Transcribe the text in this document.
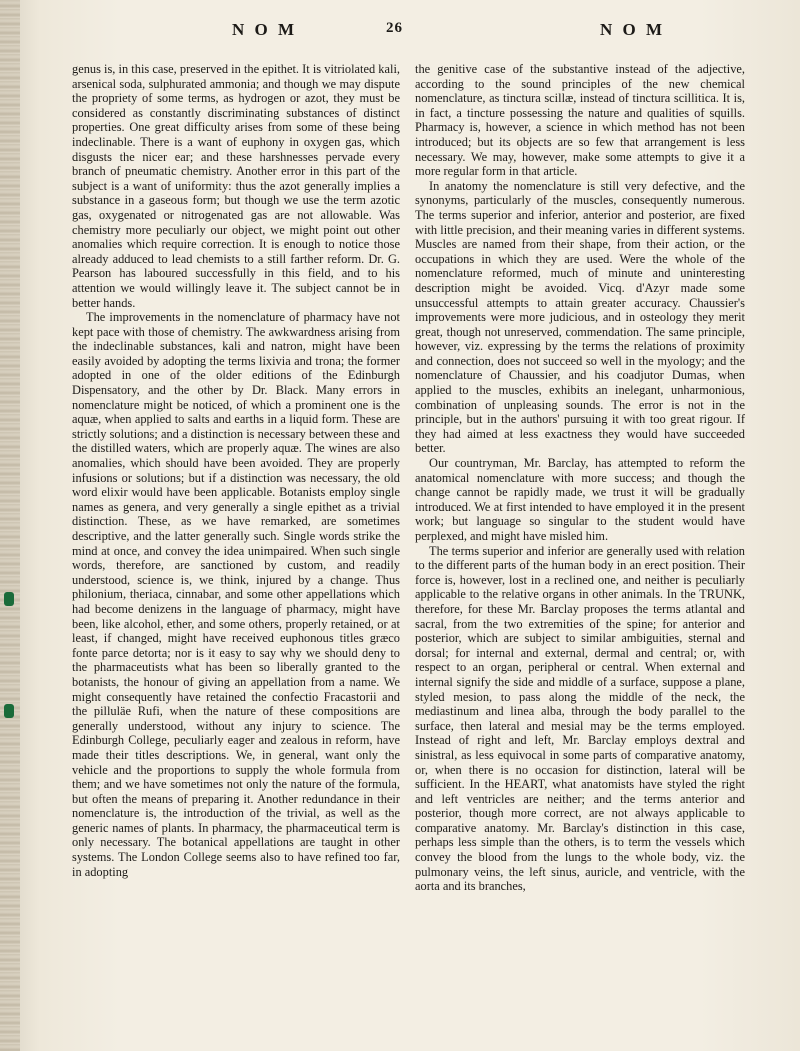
N O M	26	N O M

genus is, in this case, preserved in the epithet. It is vitriolated kali, arsenical soda, sulphurated ammonia; and though we may dispute the propriety of some terms, as hydrogen or azot, they must be considered as constantly discriminating substances of distinct properties. One great difficulty arises from some of these being indeclinable. There is a want of euphony in oxygen gas, which disgusts the nicer ear; and these harshnesses pervade every branch of pneumatic chemistry. Another error in this part of the subject is a want of uniformity: thus the azot generally implies a substance in a gaseous form; but though we use the term azotic gas, oxygenated or nitrogenated gas are not allowable. Was chemistry more peculiarly our object, we might point out other anomalies which require correction. It is enough to notice those already adduced to lead chemists to a still farther reform. Dr. G. Pearson has laboured successfully in this field, and to his attention we would willingly leave it. The subject cannot be in better hands.

The improvements in the nomenclature of pharmacy have not kept pace with those of chemistry. The awkwardness arising from the indeclinable substances, kali and natron, might have been easily avoided by adopting the terms lixivia and trona; the former adopted in one of the older editions of the Edinburgh Dispensatory, and the other by Dr. Black. Many errors in nomenclature might be noticed, of which a prominent one is the aquæ, when applied to salts and earths in a liquid form. These are strictly solutions; and a distinction is necessary between these and the distilled waters, which are properly aquæ. The wines are also anomalies, which should have been avoided. They are properly infusions or solutions; but if a distinction was necessary, the old word elixir would have been applicable. Botanists employ single names as genera, and very generally a single epithet as a trivial distinction. These, as we have remarked, are sometimes descriptive, and the latter generally such. Single words strike the mind at once, and convey the idea unimpaired. When such single words, therefore, are sanctioned by custom, and readily understood, science is, we think, injured by a change. Thus philonium, theriaca, cinnabar, and some other appellations which had become denizens in the language of pharmacy, might have been, like alcohol, ether, and some others, properly retained, or at least, if changed, might have received euphonous titles græco fonte parce detorta; nor is it easy to say why we should deny to the pharmaceutists what has been so liberally granted to the botanists, the honour of giving an appellation from a name. We might consequently have retained the confectio Fracastorii and the pilluläe Rufi, when the nature of these compositions are generally understood, without any injury to science. The Edinburgh College, peculiarly eager and zealous in reform, have made their titles descriptions. We, in general, want only the vehicle and the proportions to supply the whole formula from them; and we have sometimes not only the nature of the formula, but often the means of preparing it. Another redundance in their nomenclature is, the introduction of the trivial, as well as the generic names of plants. In pharmacy, the pharmaceutical term is only necessary. The botanical appellations are taught in other systems. The London College seems also to have refined too far, in adopting

the genitive case of the substantive instead of the adjective, according to the sound principles of the new chemical nomenclature, as tinctura scillæ, instead of tinctura scillitica. It is, in fact, a tincture possessing the nature and qualities of squills. Pharmacy is, however, a science in which method has not been introduced; but its objects are so few that arrangement is less necessary. We may, however, make some attempts to give it a more regular form in that article.

In anatomy the nomenclature is still very defective, and the synonyms, particularly of the muscles, consequently numerous. The terms superior and inferior, anterior and posterior, are fixed with little precision, and their meaning varies in different systems. Muscles are named from their shape, from their action, or the occupations in which they are used. Were the whole of the nomenclature reformed, much of minute and uninteresting description might be avoided. Vicq. d'Azyr made some unsuccessful attempts to attain greater accuracy. Chaussier's improvements were more judicious, and in osteology they merit great, though not unreserved, commendation. The same principle, however, viz. expressing by the terms the relations of proximity and connection, does not succeed so well in the myology; and the nomenclature of Chaussier, and his coadjutor Dumas, when applied to the muscles, exhibits an inelegant, unharmonious, combination of unpleasing sounds. The error is not in the principle, but in the authors' pursuing it with too great rigour. If they had aimed at less exactness they would have succeeded better.

Our countryman, Mr. Barclay, has attempted to reform the anatomical nomenclature with more success; and though the change cannot be rapidly made, we trust it will be gradually introduced. We at first intended to have employed it in the present work; but language so singular to the student would have perplexed, and might have misled him.

The terms superior and inferior are generally used with relation to the different parts of the human body in an erect position. Their force is, however, lost in a reclined one, and neither is peculiarly applicable to the relative organs in other animals. In the TRUNK, therefore, for these Mr. Barclay proposes the terms atlantal and sacral, from the two extremities of the spine; for anterior and posterior, which are subject to similar ambiguities, sternal and dorsal; for internal and external, dermal and central; or, with respect to an organ, peripheral or central. When external and internal signify the side and middle of a surface, suppose a plane, styled mesion, to pass along the middle of the neck, the mediastinum and linea alba, through the body parallel to the surface, then lateral and mesial may be the terms employed. Instead of right and left, Mr. Barclay employs dextral and sinistral, as less equivocal in some parts of comparative anatomy, or, when there is no occasion for distinction, lateral will be sufficient. In the HEART, what anatomists have styled the right and left ventricles are neither; and the terms anterior and posterior, though more correct, are not always applicable to comparative anatomy. Mr. Barclay's distinction in this case, perhaps less simple than the others, is to term the vessels which convey the blood from the lungs to the whole body, viz. the pulmonary veins, the left sinus, auricle, and ventricle, with the aorta and its branches,
